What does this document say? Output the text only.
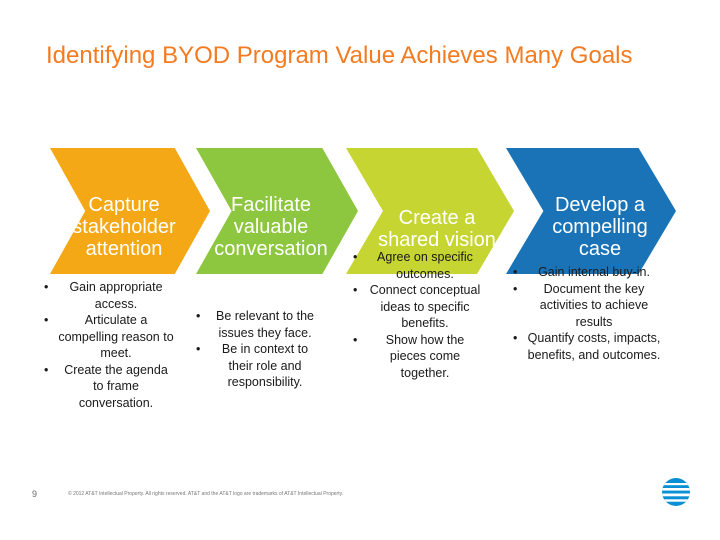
Identifying BYOD Program Value Achieves Many Goals
Capture
stakeholder
attention
• Gain appropriate access.
• Articulate a compelling reason to meet.
• Create the agenda to frame conversation.
Facilitate
valuable
conversation
• Be relevant to the issues they face.
• Be in context to their role and responsibility.
Create a
shared vision
• Agree on specific outcomes.
• Connect conceptual ideas to specific benefits.
• Show how the pieces come together.
Develop a
compelling
case
• Gain internal buy-in.
• Document the key activities to achieve results
• Quantify costs, impacts, benefits, and outcomes.
9	© 2012 AT&T Intellectual Property. All rights reserved. AT&T and the AT&T logo are trademarks of AT&T Intellectual Property.
